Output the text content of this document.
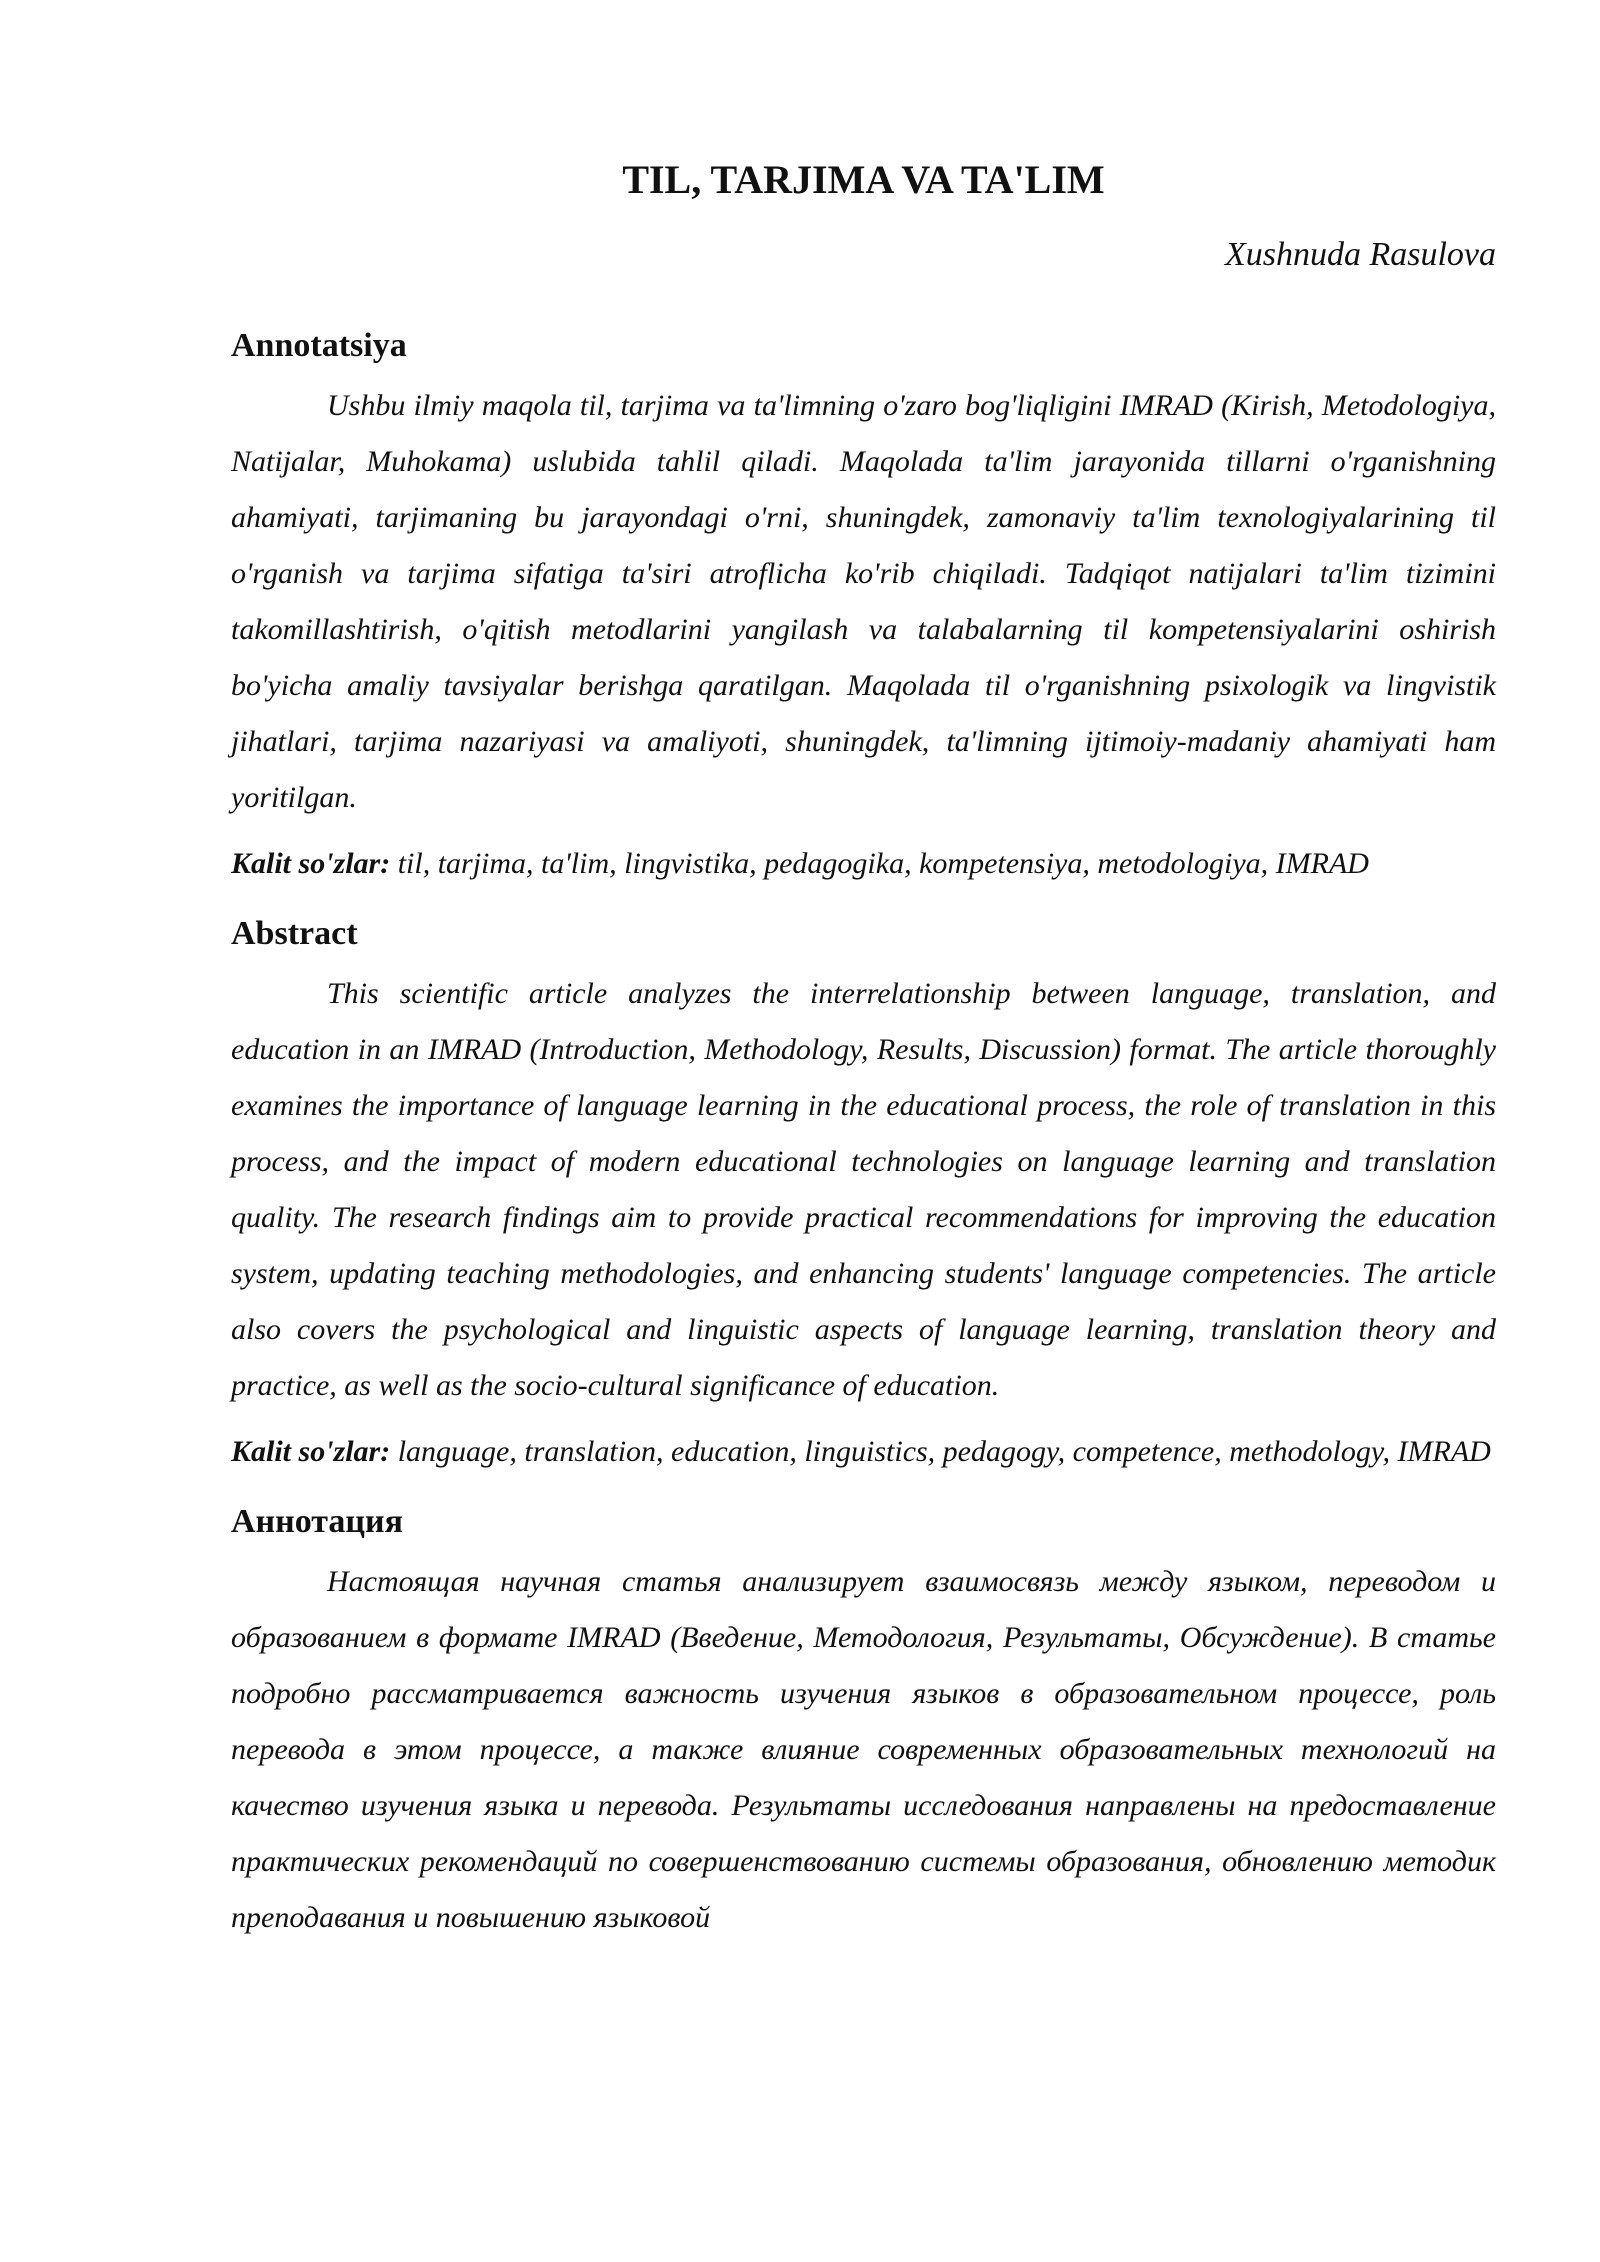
TIL, TARJIMA VA TA'LIM

Xushnuda Rasulova

Annotatsiya

Ushbu ilmiy maqola til, tarjima va ta'limning o'zaro bog'liqligini IMRAD (Kirish, Metodologiya, Natijalar, Muhokama) uslubida tahlil qiladi. Maqolada ta'lim jarayonida tillarni o'rganishning ahamiyati, tarjimaning bu jarayondagi o'rni, shuningdek, zamonaviy ta'lim texnologiyalarining til o'rganish va tarjima sifatiga ta'siri atroflicha ko'rib chiqiladi. Tadqiqot natijalari ta'lim tizimini takomillashtirish, o'qitish metodlarini yangilash va talabalarning til kompetensiyalarini oshirish bo'yicha amaliy tavsiyalar berishga qaratilgan. Maqolada til o'rganishning psixologik va lingvistik jihatlari, tarjima nazariyasi va amaliyoti, shuningdek, ta'limning ijtimoiy-madaniy ahamiyati ham yoritilgan.

Kalit so'zlar: til, tarjima, ta'lim, lingvistika, pedagogika, kompetensiya, metodologiya, IMRAD

Abstract

This scientific article analyzes the interrelationship between language, translation, and education in an IMRAD (Introduction, Methodology, Results, Discussion) format. The article thoroughly examines the importance of language learning in the educational process, the role of translation in this process, and the impact of modern educational technologies on language learning and translation quality. The research findings aim to provide practical recommendations for improving the education system, updating teaching methodologies, and enhancing students' language competencies. The article also covers the psychological and linguistic aspects of language learning, translation theory and practice, as well as the socio-cultural significance of education.

Kalit so'zlar: language, translation, education, linguistics, pedagogy, competence, methodology, IMRAD

Аннотация

Настоящая научная статья анализирует взаимосвязь между языком, переводом и образованием в формате IMRAD (Введение, Методология, Результаты, Обсуждение). В статье подробно рассматривается важность изучения языков в образовательном процессе, роль перевода в этом процессе, а также влияние современных образовательных технологий на качество изучения языка и перевода. Результаты исследования направлены на предоставление практических рекомендаций по совершенствованию системы образования, обновлению методик преподавания и повышению языковой
